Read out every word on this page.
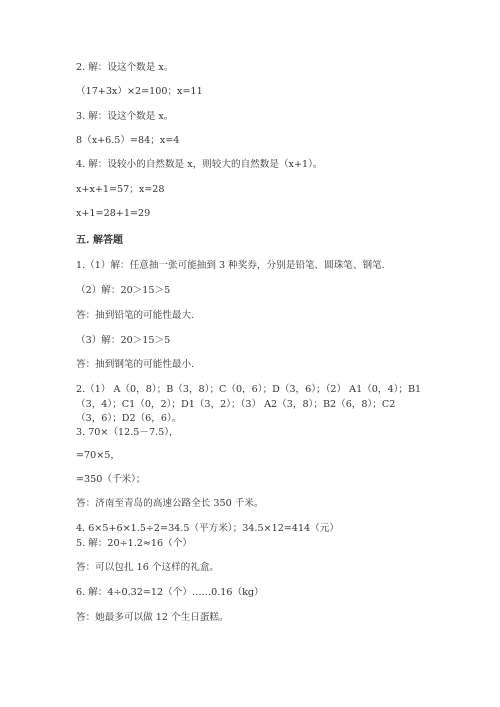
2. 解：设这个数是 x。
（17+3x）×2=100；x=11
3. 解：设这个数是 x。
8（x+6.5）=84；x=4
4. 解：设较小的自然数是 x，则较大的自然数是（x+1）。
x+x+1=57；x=28
x+1=28+1=29
五. 解答题
1.（1）解：任意抽一张可能抽到 3 种奖券，分别是铅笔、圆珠笔、钢笔.
（2）解：20＞15＞5
答：抽到铅笔的可能性最大.
（3）解：20＞15＞5
答：抽到钢笔的可能性最小.
2.（1） A（0，8）；B（3，8）；C（0，6）；D（3，6）；（2） A1（0，4）；B1
（3，4）；C1（0，2）；D1（3，2）；（3） A2（3，8）；B2（6，8）；C2
（3，6）；D2（6，6）。
3. 70×（12.5－7.5），
=70×5，
=350（千米）；
答：济南至青岛的高速公路全长 350 千米。
4. 6×5+6×1.5÷2=34.5（平方米）；34.5×12=414（元）
5. 解：20÷1.2≈16（个）
答：可以包扎 16 个这样的礼盒。
6. 解：4÷0.32=12（个）……0.16（kg）
答：她最多可以做 12 个生日蛋糕。
